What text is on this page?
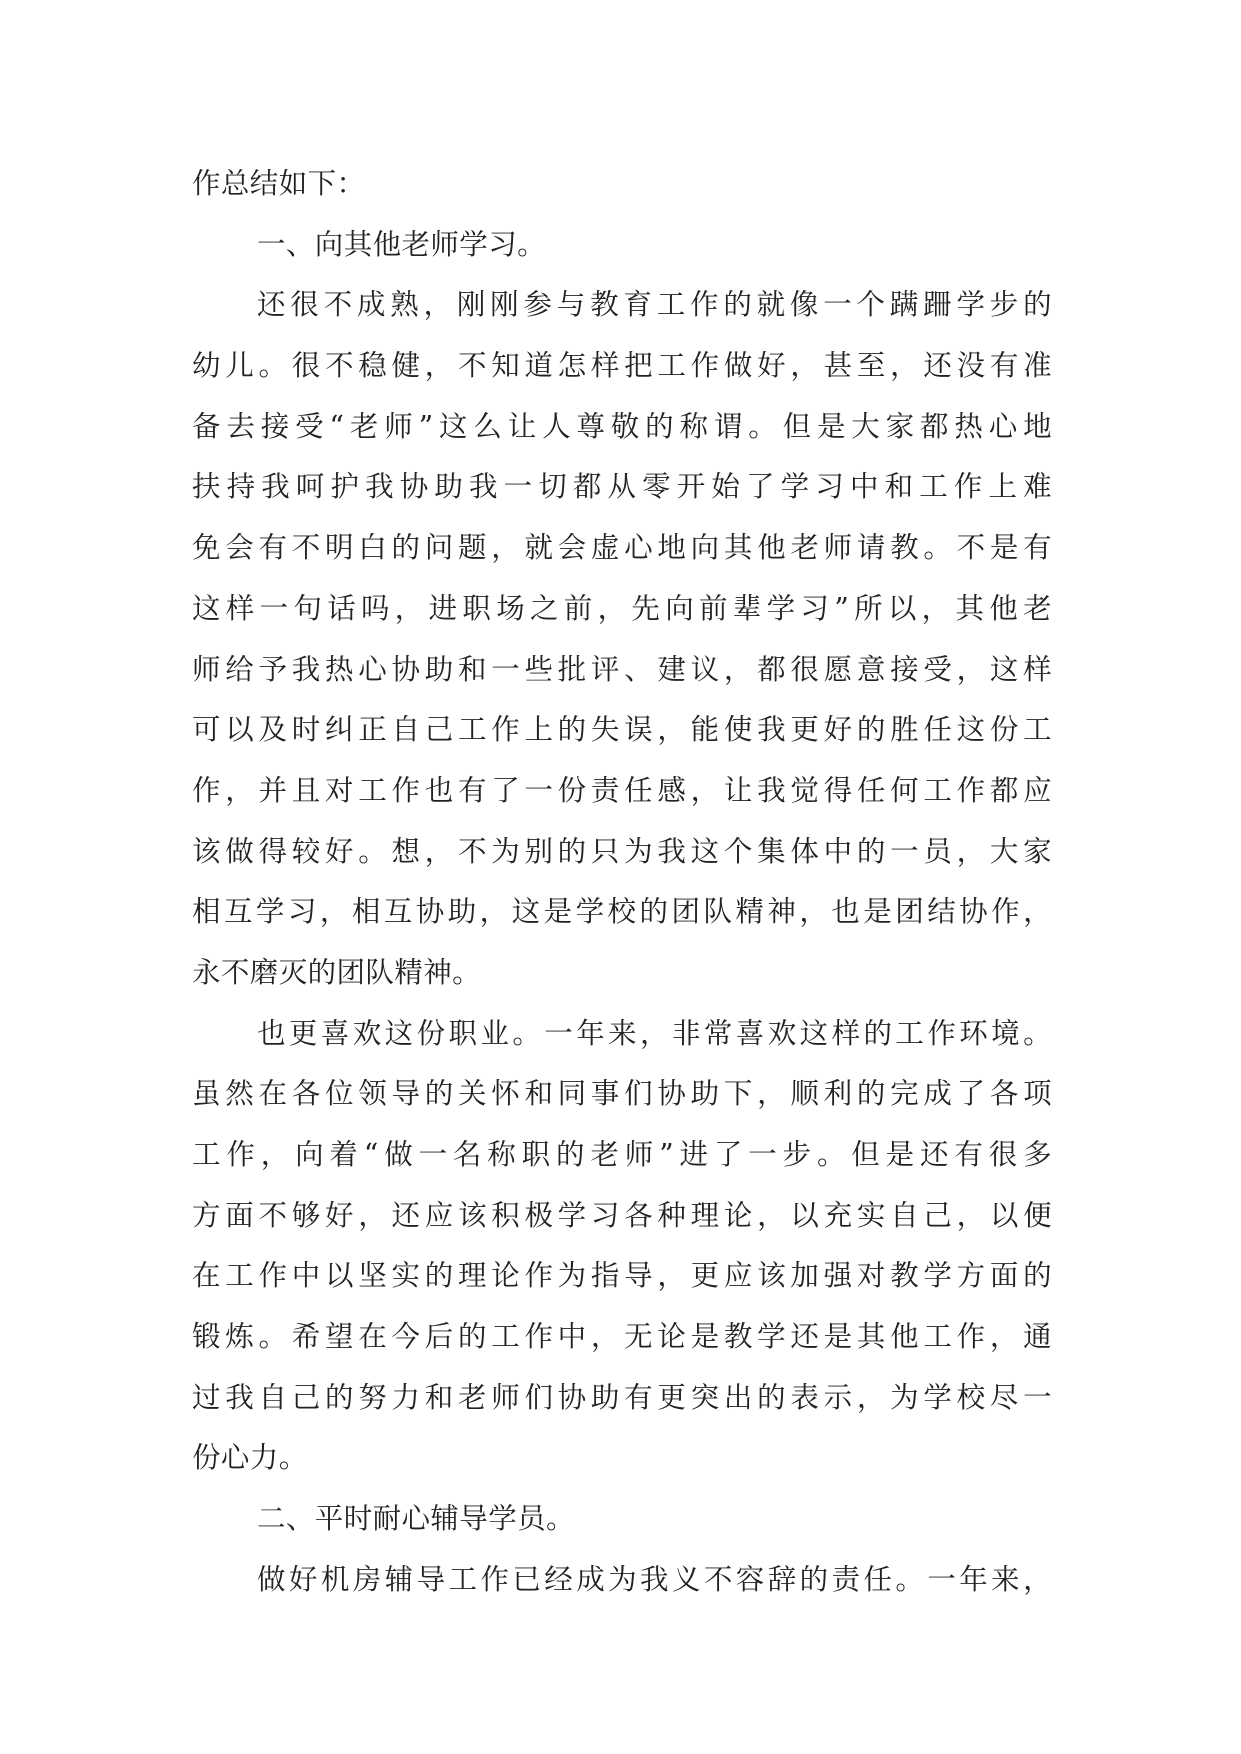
作总结如下：
一、向其他老师学习。
还很不成熟，刚刚参与教育工作的就像一个蹒跚学步的
幼儿。很不稳健，不知道怎样把工作做好，甚至，还没有准
备去接受“老师”这么让人尊敬的称谓。但是大家都热心地
扶持我呵护我协助我一切都从零开始了学习中和工作上难
免会有不明白的问题，就会虚心地向其他老师请教。不是有
这样一句话吗，进职场之前，先向前辈学习”所以，其他老
师给予我热心协助和一些批评、建议，都很愿意接受，这样
可以及时纠正自己工作上的失误，能使我更好的胜任这份工
作，并且对工作也有了一份责任感，让我觉得任何工作都应
该做得较好。想，不为别的只为我这个集体中的一员，大家
相互学习，相互协助，这是学校的团队精神，也是团结协作，
永不磨灭的团队精神。
也更喜欢这份职业。一年来，非常喜欢这样的工作环境。
虽然在各位领导的关怀和同事们协助下，顺利的完成了各项
工作，向着“做一名称职的老师”进了一步。但是还有很多
方面不够好，还应该积极学习各种理论，以充实自己，以便
在工作中以坚实的理论作为指导，更应该加强对教学方面的
锻炼。希望在今后的工作中，无论是教学还是其他工作，通
过我自己的努力和老师们协助有更突出的表示，为学校尽一
份心力。
二、平时耐心辅导学员。
做好机房辅导工作已经成为我义不容辞的责任。一年来，
